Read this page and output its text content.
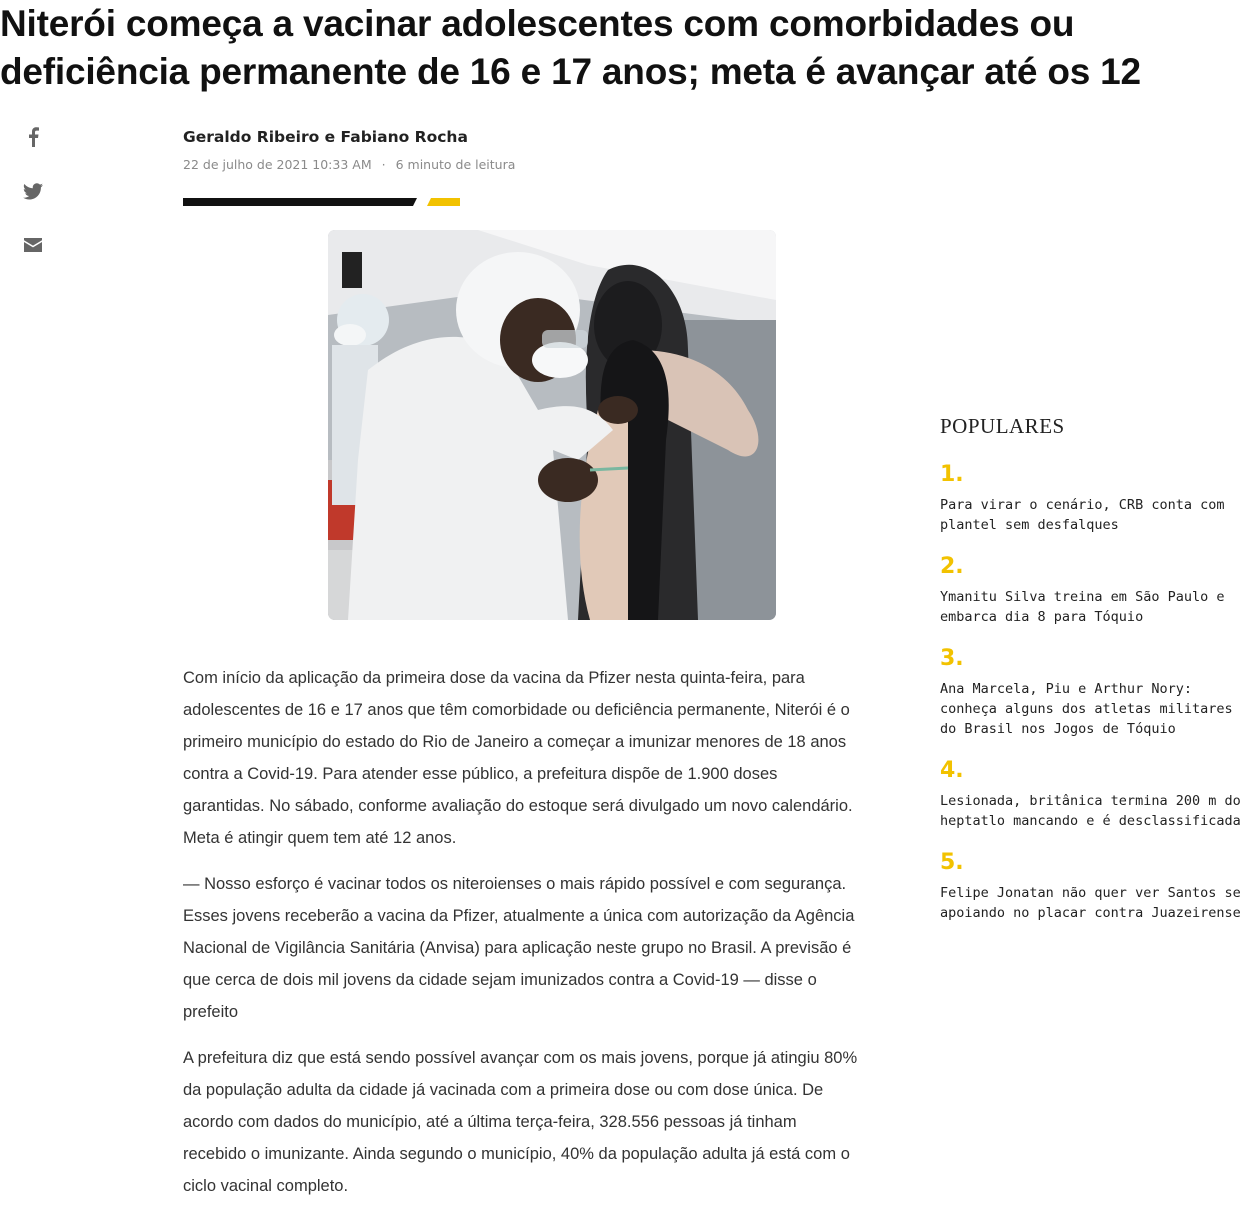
Niterói começa a vacinar adolescentes com comorbidades ou deficiência permanente de 16 e 17 anos; meta é avançar até os 12
Geraldo Ribeiro e Fabiano Rocha
22 de julho de 2021 10:33 AM · 6 minuto de leitura

Com início da aplicação da primeira dose da vacina da Pfizer nesta quinta-feira, para adolescentes de 16 e 17 anos que têm comorbidade ou deficiência permanente, Niterói é o primeiro município do estado do Rio de Janeiro a começar a imunizar menores de 18 anos contra a Covid-19. Para atender esse público, a prefeitura dispõe de 1.900 doses garantidas. No sábado, conforme avaliação do estoque será divulgado um novo calendário. Meta é atingir quem tem até 12 anos.

— Nosso esforço é vacinar todos os niteroienses o mais rápido possível e com segurança. Esses jovens receberão a vacina da Pfizer, atualmente a única com autorização da Agência Nacional de Vigilância Sanitária (Anvisa) para aplicação neste grupo no Brasil. A previsão é que cerca de dois mil jovens da cidade sejam imunizados contra a Covid-19 — disse o prefeito

A prefeitura diz que está sendo possível avançar com os mais jovens, porque já atingiu 80% da população adulta da cidade já vacinada com a primeira dose ou com dose única. De acordo com dados do município, até a última terça-feira, 328.556 pessoas já tinham recebido o imunizante. Ainda segundo o município, 40% da população adulta já está com o ciclo vacinal completo.

POPULARES
1.
Para virar o cenário, CRB conta com plantel sem desfalques
2.
Ymanitu Silva treina em São Paulo e embarca dia 8 para Tóquio
3.
Ana Marcela, Piu e Arthur Nory: conheça alguns dos atletas militares do Brasil nos Jogos de Tóquio
4.
Lesionada, britânica termina 200 m do heptatlo mancando e é desclassificada
5.
Felipe Jonatan não quer ver Santos se apoiando no placar contra Juazeirense
